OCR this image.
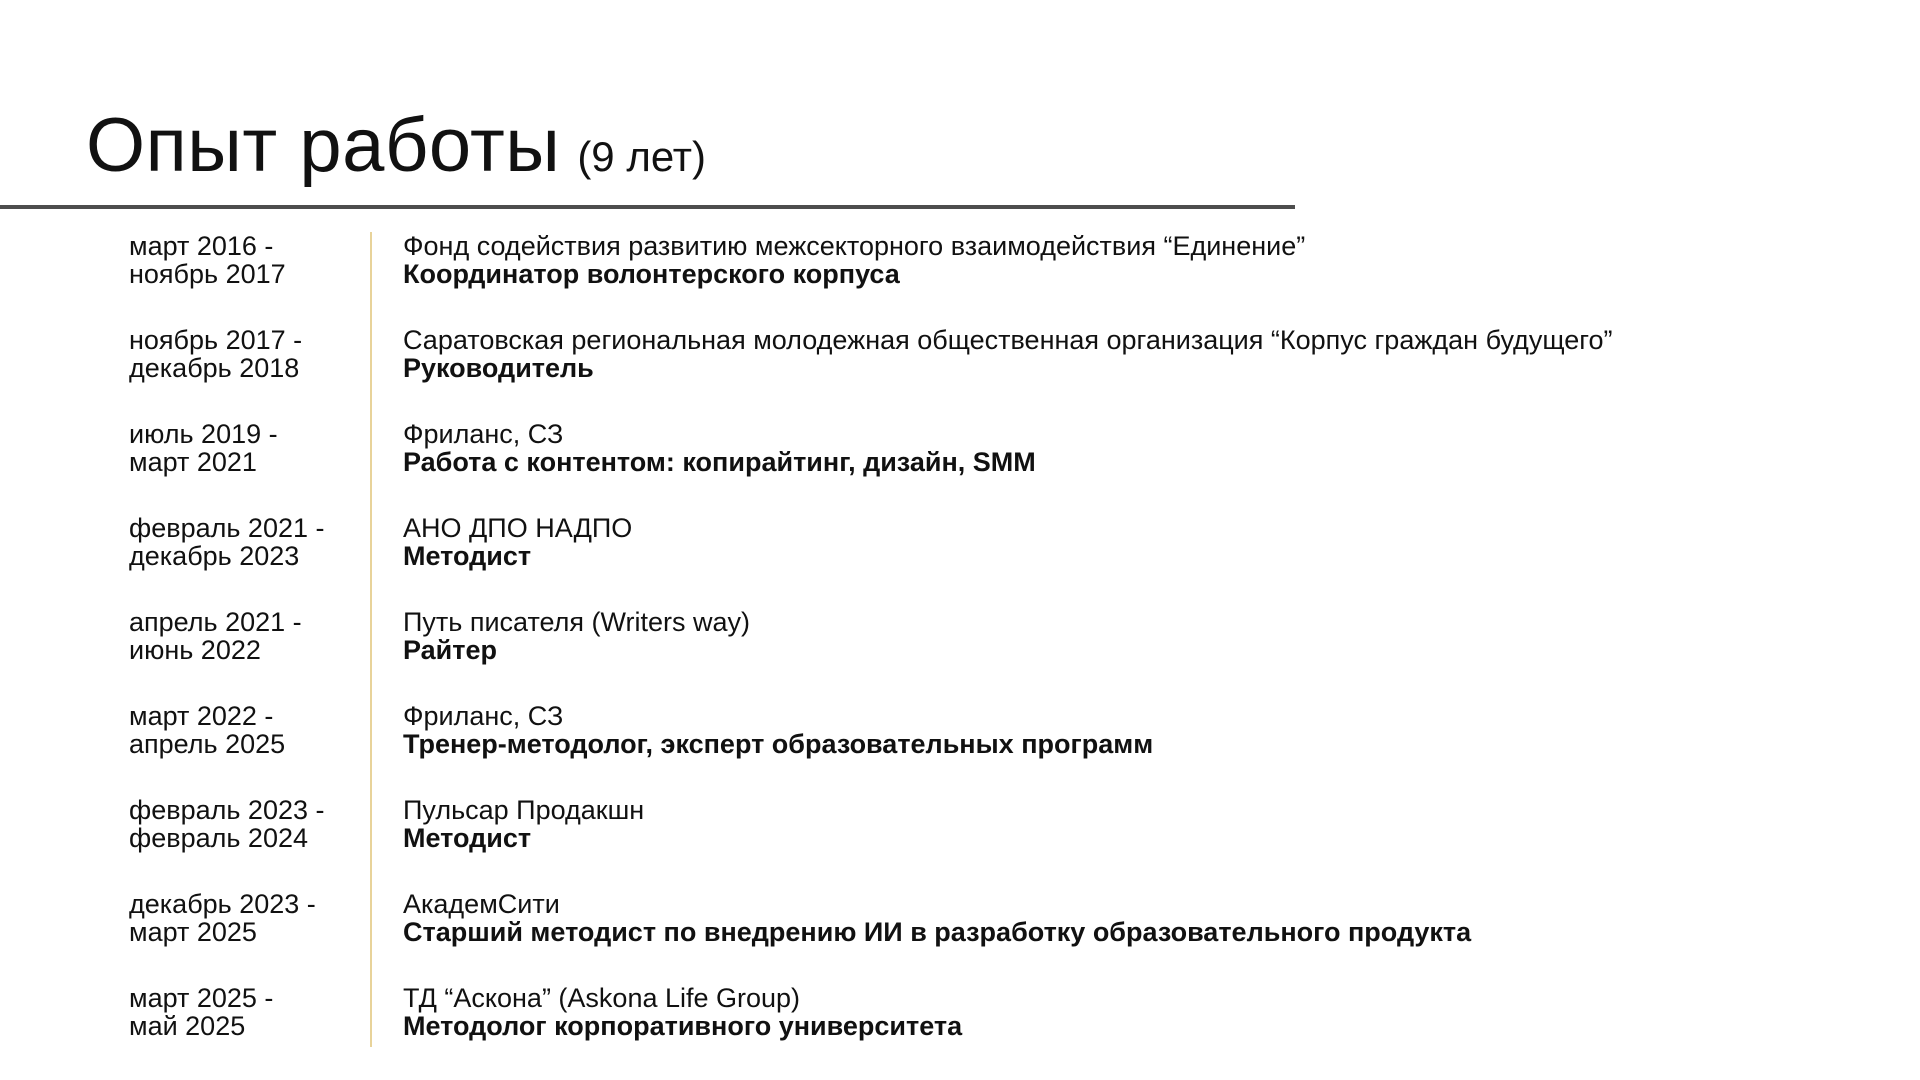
Опыт работы (9 лет)
март 2016 -
ноябрь 2017
Фонд содействия развитию межсекторного взаимодействия “Единение”
Координатор волонтерского корпуса
ноябрь 2017 -
декабрь 2018
Саратовская региональная молодежная общественная организация “Корпус граждан будущего”
Руководитель
июль 2019 -
март 2021
Фриланс, СЗ
Работа с контентом: копирайтинг, дизайн, SMM
февраль 2021 -
декабрь 2023
АНО ДПО НАДПО
Методист
апрель 2021 -
июнь 2022
Путь писателя (Writers way)
Райтер
март 2022 -
апрель 2025
Фриланс, СЗ
Тренер-методолог, эксперт образовательных программ
февраль 2023 -
февраль 2024
Пульсар Продакшн
Методист
декабрь 2023 -
март 2025
АкадемСити
Старший методист по внедрению ИИ в разработку образовательного продукта
март 2025 -
май 2025
ТД “Аскона” (Askona Life Group)
Методолог корпоративного университета
